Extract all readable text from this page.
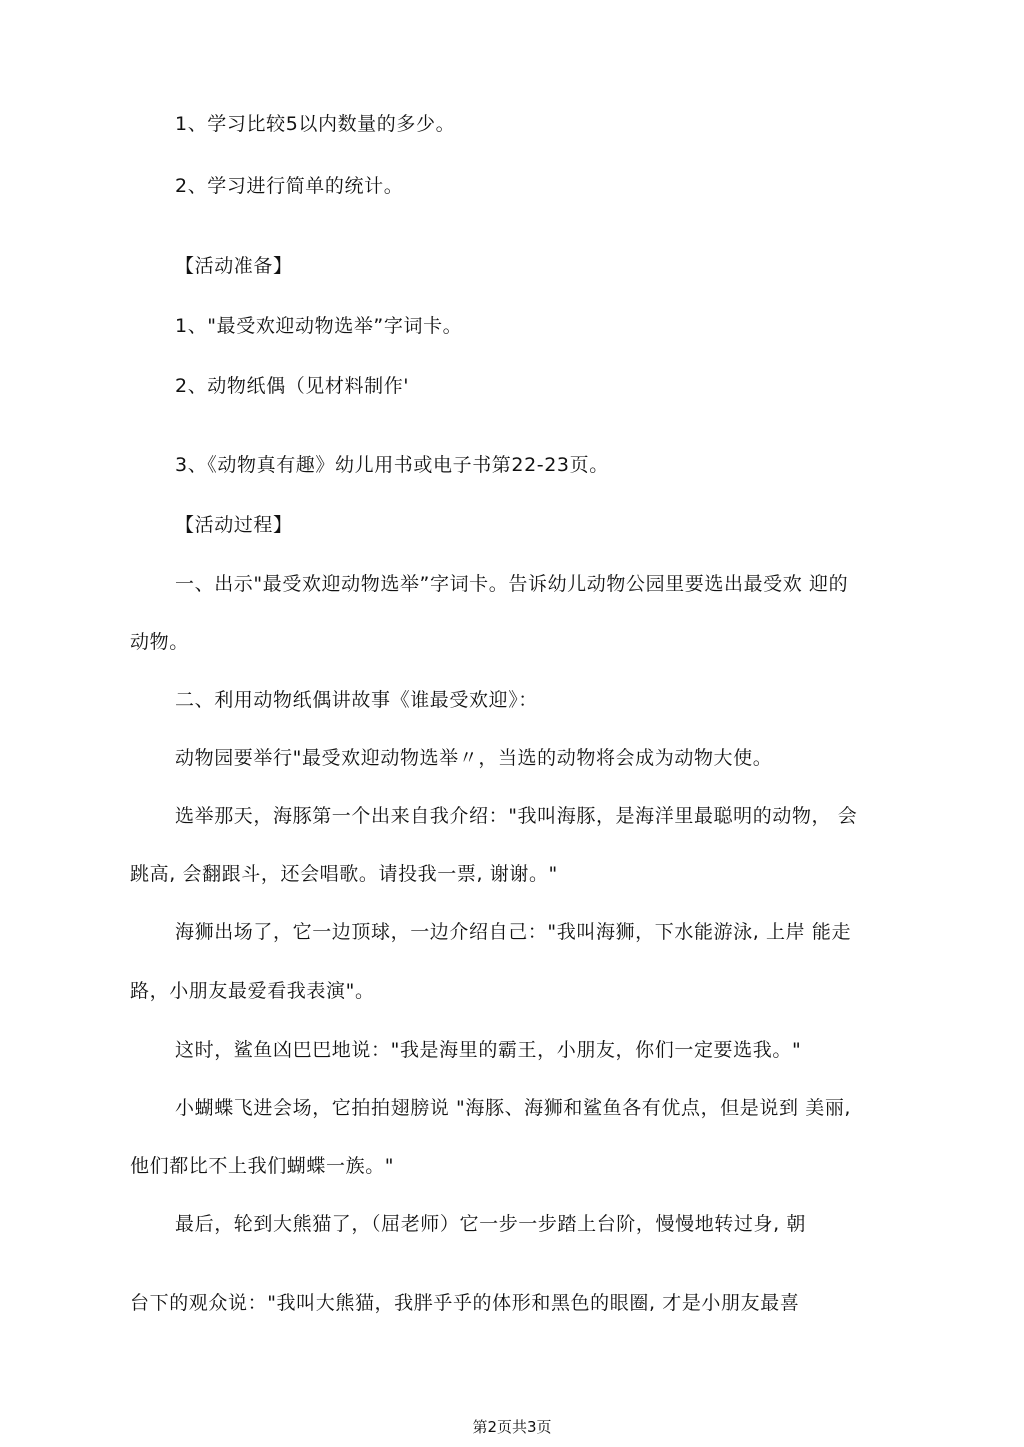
1、学习比较5以内数量的多少。
2、学习进行简单的统计。
【活动准备】
1、"最受欢迎动物选举”字词卡。
2、动物纸偶（见材料制作'
3、《动物真有趣》幼儿用书或电子书第22-23页。
【活动过程】
一、出示"最受欢迎动物选举”字词卡。告诉幼儿动物公园里要选出最受欢 迎的
动物。
二、利用动物纸偶讲故事《谁最受欢迎》：
动物园要举行"最受欢迎动物选举〃，当选的动物将会成为动物大使。
选举那天，海豚第一个出来自我介绍："我叫海豚，是海洋里最聪明的动物， 会
跳高, 会翻跟斗，还会唱歌。请投我一票, 谢谢。"
海狮出场了，它一边顶球，一边介绍自己："我叫海狮，下水能游泳, 上岸 能走
路，小朋友最爱看我表演"。
这时，鲨鱼凶巴巴地说："我是海里的霸王，小朋友，你们一定要选我。"
小蝴蝶飞进会场，它拍拍翅膀说 "海豚、海狮和鲨鱼各有优点，但是说到 美丽,
他们都比不上我们蝴蝶一族。"
最后，轮到大熊猫了，（屈老师）它一步一步踏上台阶，慢慢地转过身, 朝
台下的观众说："我叫大熊猫，我胖乎乎的体形和黑色的眼圈, 才是小朋友最喜
第2页共3页
